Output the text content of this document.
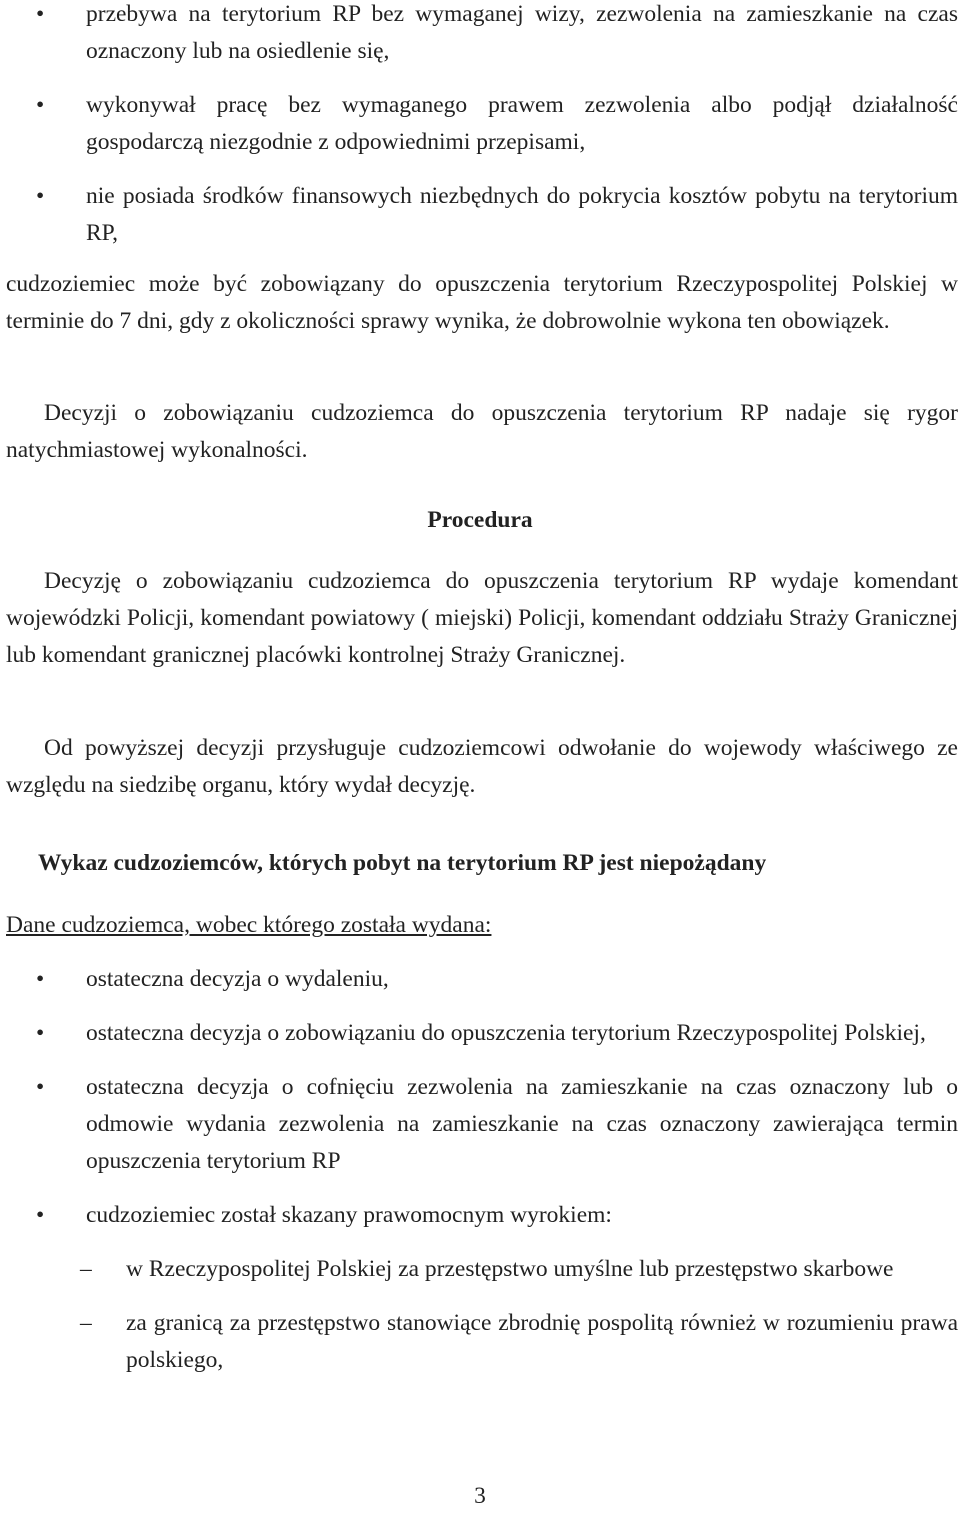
• przebywa na terytorium RP bez wymaganej wizy, zezwolenia na zamieszkanie na czas oznaczony lub na osiedlenie się,
• wykonywał pracę bez wymaganego prawem zezwolenia albo podjął działalność gospodarczą niezgodnie z odpowiednimi przepisami,
• nie posiada środków finansowych niezbędnych do pokrycia kosztów pobytu na terytorium RP,

cudzoziemiec może być zobowiązany do opuszczenia terytorium Rzeczypospolitej Polskiej w terminie do 7 dni, gdy z okoliczności sprawy wynika, że dobrowolnie wykona ten obowiązek.

Decyzji o zobowiązaniu cudzoziemca do opuszczenia terytorium RP nadaje się rygor natychmiastowej wykonalności.

Procedura

Decyzję o zobowiązaniu cudzoziemca do opuszczenia terytorium RP wydaje komendant wojewódzki Policji, komendant powiatowy ( miejski) Policji, komendant oddziału Straży Granicznej lub komendant granicznej placówki kontrolnej Straży Granicznej.

Od powyższej decyzji przysługuje cudzoziemcowi odwołanie do wojewody właściwego ze względu na siedzibę organu, który wydał decyzję.

Wykaz cudzoziemców, których pobyt na terytorium RP jest niepożądany
Dane cudzoziemca, wobec którego została wydana:
• ostateczna decyzja o wydaleniu,
• ostateczna decyzja o zobowiązaniu do opuszczenia terytorium Rzeczypospolitej Polskiej,
• ostateczna decyzja o cofnięciu zezwolenia na zamieszkanie na czas oznaczony lub o odmowie wydania zezwolenia na zamieszkanie na czas oznaczony zawierająca termin opuszczenia terytorium RP
• cudzoziemiec został skazany prawomocnym wyrokiem:
– w Rzeczypospolitej Polskiej za przestępstwo umyślne lub przestępstwo skarbowe
– za granicą za przestępstwo stanowiące zbrodnię pospolitą również w rozumieniu prawa polskiego,
3
